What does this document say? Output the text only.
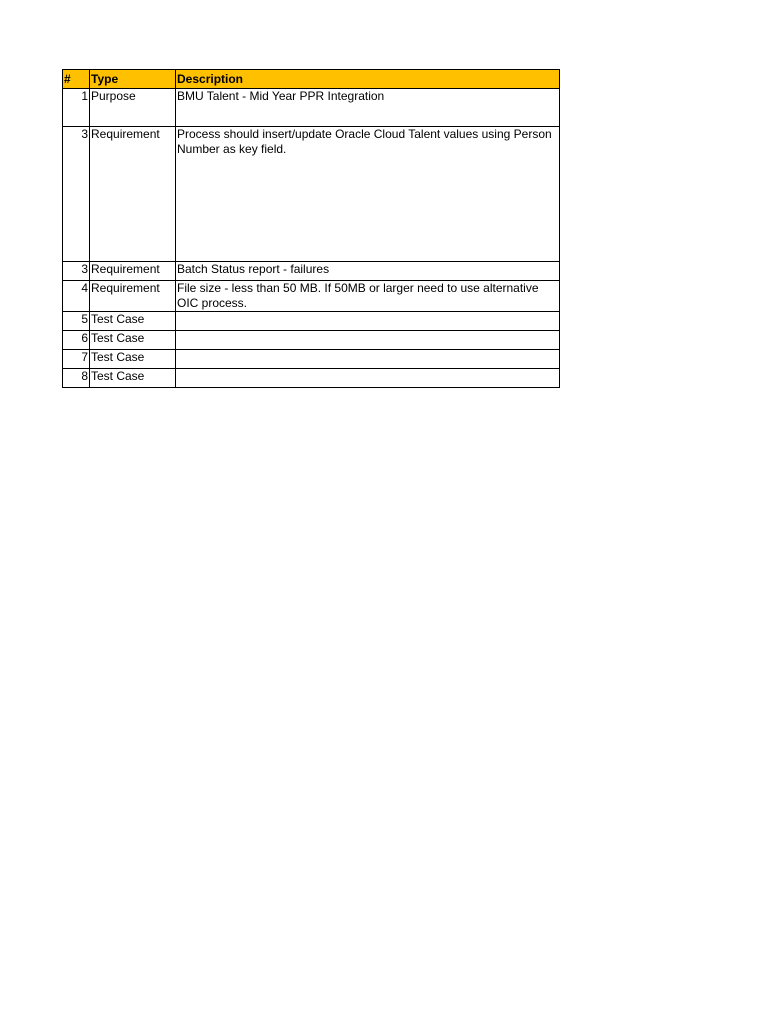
#	Type	Description
1	Purpose	BMU Talent - Mid Year PPR Integration
3	Requirement	Process should insert/update Oracle Cloud Talent values using Person Number as key field.
3	Requirement	Batch Status report - failures
4	Requirement	File size - less than 50 MB. If 50MB or larger need to use alternative OIC process.
5	Test Case	
6	Test Case	
7	Test Case	
8	Test Case	
